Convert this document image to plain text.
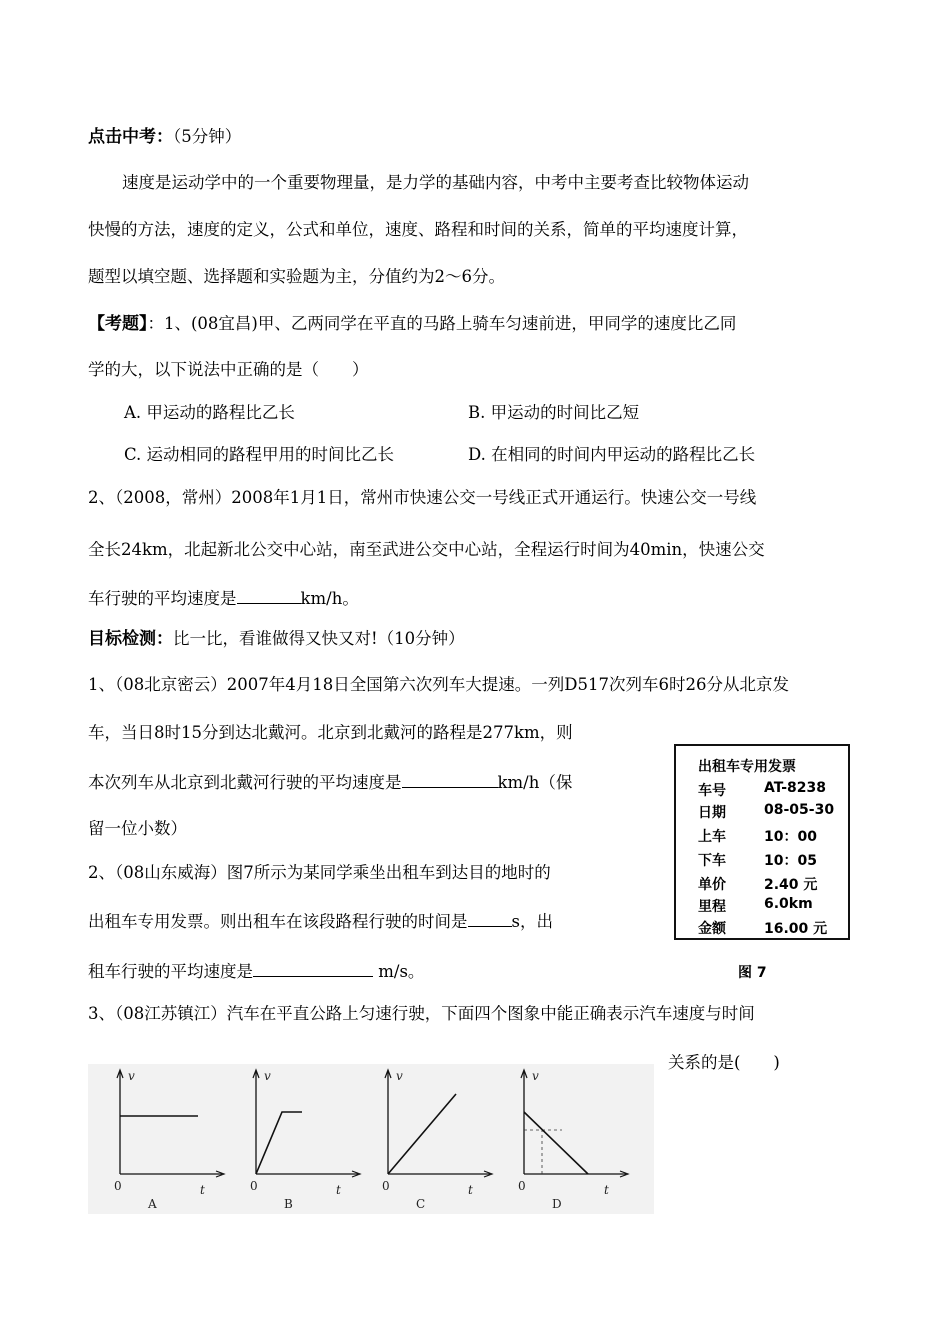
点击中考：（5分钟）
速度是运动学中的一个重要物理量，是力学的基础内容，中考中主要考查比较物体运动
快慢的方法，速度的定义，公式和单位，速度、路程和时间的关系，简单的平均速度计算，
题型以填空题、选择题和实验题为主，分值约为2～6分。
【考题】：1、(08宜昌)甲、乙两同学在平直的马路上骑车匀速前进，甲同学的速度比乙同
学的大，以下说法中正确的是（　　）
A. 甲运动的路程比乙长	B. 甲运动的时间比乙短
C. 运动相同的路程甲用的时间比乙长	D. 在相同的时间内甲运动的路程比乙长
2、（2008，常州）2008年1月1日，常州市快速公交一号线正式开通运行。快速公交一号线
全长24km，北起新北公交中心站，南至武进公交中心站，全程运行时间为40min，快速公交
车行驶的平均速度是	km/h。
目标检测：比一比，看谁做得又快又对!（10分钟）
1、（08北京密云）2007年4月18日全国第六次列车大提速。一列D517次列车6时26分从北京发
车，当日8时15分到达北戴河。北京到北戴河的路程是277km，则
本次列车从北京到北戴河行驶的平均速度是	km/h（保
留一位小数）
2、（08山东威海）图7所示为某同学乘坐出租车到达目的地时的
出租车专用发票。则出租车在该段路程行驶的时间是	s，出
租车行驶的平均速度是	m/s。
3、（08江苏镇江）汽车在平直公路上匀速行驶，下面四个图象中能正确表示汽车速度与时间
关系的是(　　)
出租车专用发票
车号	AT-8238
日期	08-05-30
上车	10：00
下车	10：05
单价	2.40 元
里程	6.0km
金额	16.00 元
图 7
v
t
0
A
v
t
0
B
v
t
0
C
v
t
0
D
